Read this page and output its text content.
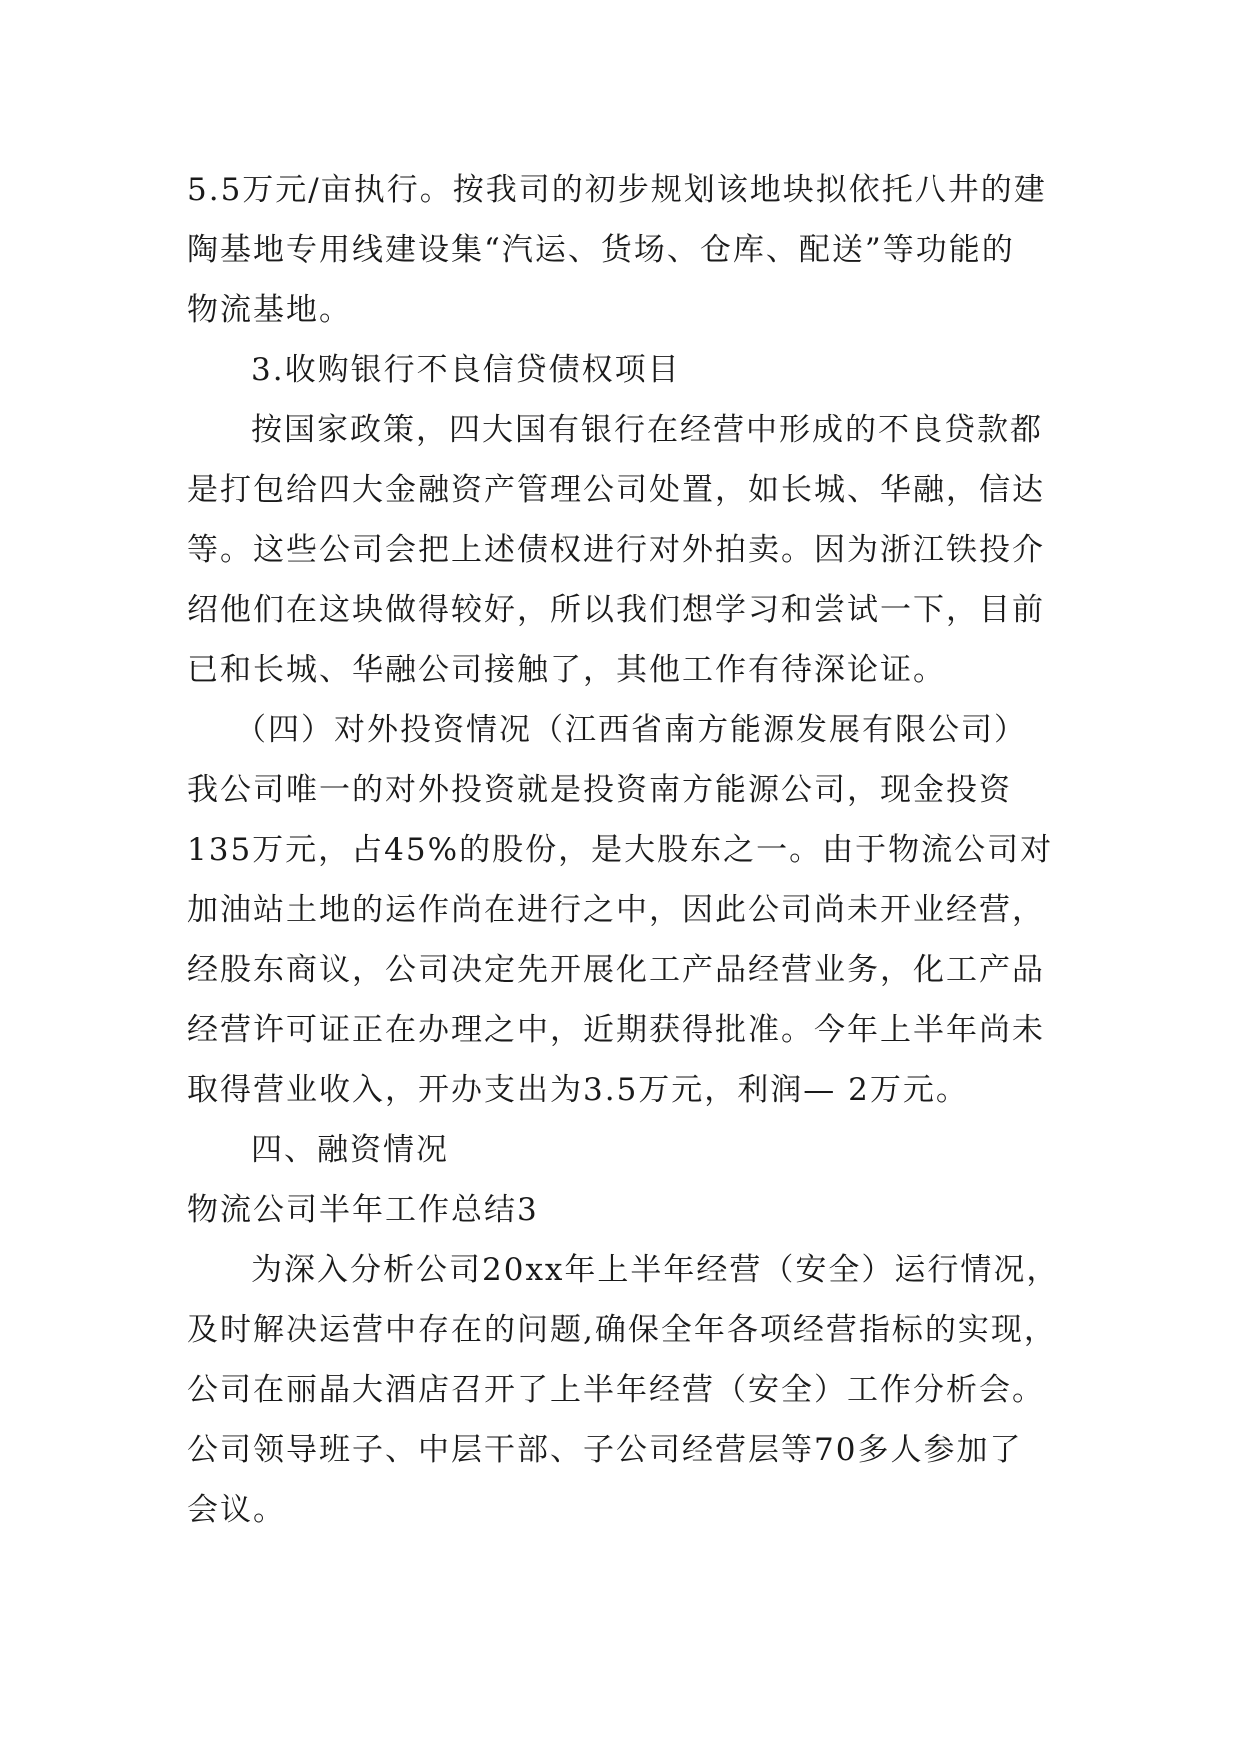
5.5万元/亩执行。按我司的初步规划该地块拟依托八井的建
陶基地专用线建设集“汽运、货场、仓库、配送”等功能的
物流基地。
3.收购银行不良信贷债权项目
按国家政策，四大国有银行在经营中形成的不良贷款都
是打包给四大金融资产管理公司处置，如长城、华融，信达
等。这些公司会把上述债权进行对外拍卖。因为浙江铁投介
绍他们在这块做得较好，所以我们想学习和尝试一下，目前
已和长城、华融公司接触了，其他工作有待深论证。
（四）对外投资情况（江西省南方能源发展有限公司）
我公司唯一的对外投资就是投资南方能源公司，现金投资
135万元，占45%的股份，是大股东之一。由于物流公司对
加油站土地的运作尚在进行之中，因此公司尚未开业经营，
经股东商议，公司决定先开展化工产品经营业务，化工产品
经营许可证正在办理之中，近期获得批准。今年上半年尚未
取得营业收入，开办支出为3.5万元，利润— 2万元。
四、融资情况
物流公司半年工作总结3
为深入分析公司20xx年上半年经营（安全）运行情况，
及时解决运营中存在的问题,确保全年各项经营指标的实现，
公司在丽晶大酒店召开了上半年经营（安全）工作分析会。
公司领导班子、中层干部、子公司经营层等70多人参加了
会议。
